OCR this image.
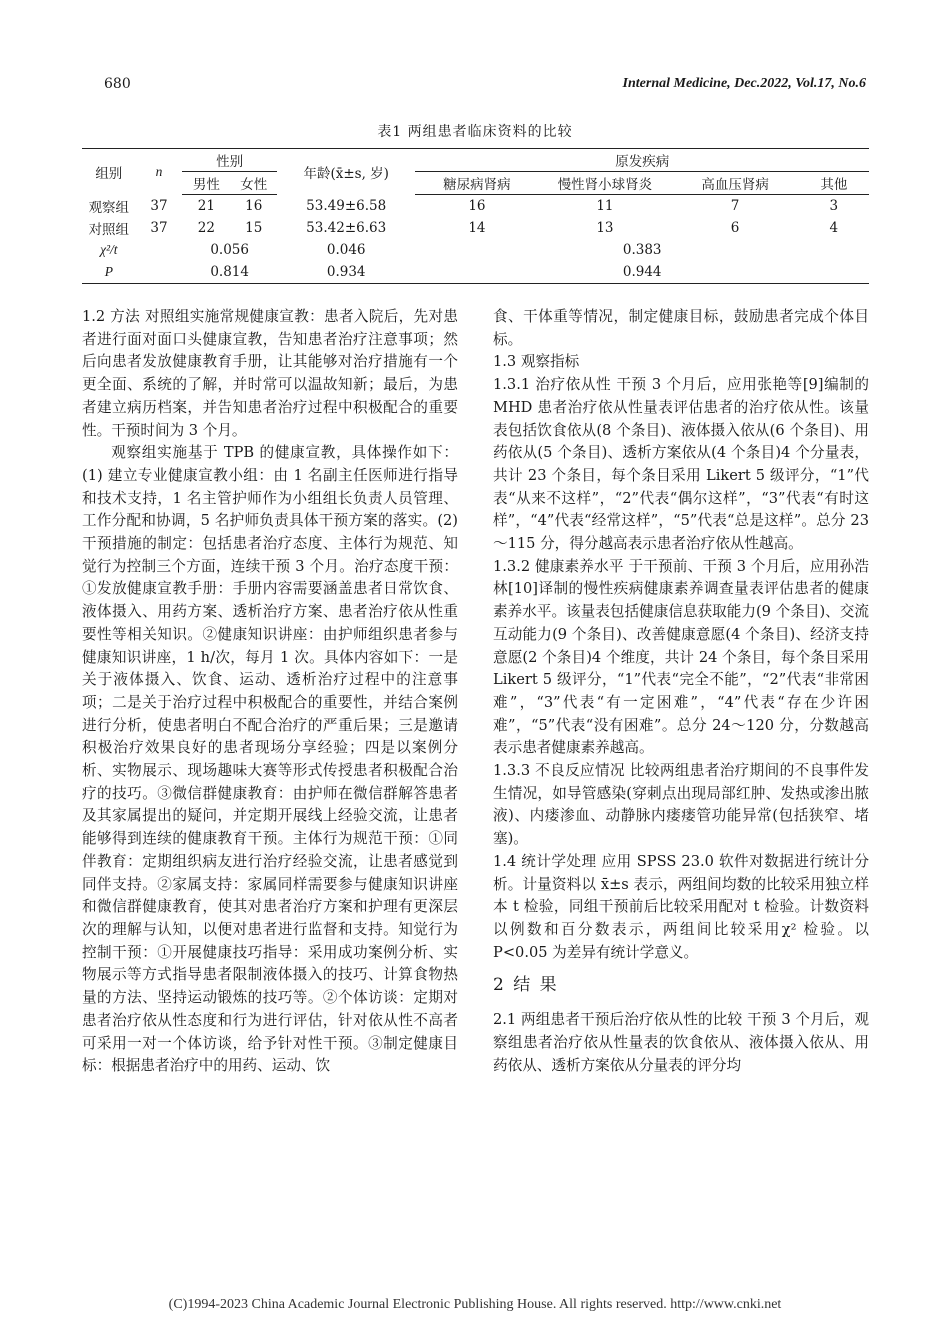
680	Internal Medicine, Dec.2022, Vol.17, No.6
表1 两组患者临床资料的比较
组别	n	性别		年龄(x̄±s, 岁)	原发疾病			
		男性	女性		糖尿病肾病	慢性肾小球肾炎	高血压肾病	其他
观察组	37	21	16	53.49±6.58	16	11	7	3
对照组	37	22	15	53.42±6.63	14	13	6	4
χ²/t		0.056		0.046	0.383			
P		0.814		0.934	0.944			

1.2 方法 对照组实施常规健康宣教：患者入院后，先对患者进行面对面口头健康宣教，告知患者治疗注意事项；然后向患者发放健康教育手册，让其能够对治疗措施有一个更全面、系统的了解，并时常可以温故知新；最后，为患者建立病历档案，并告知患者治疗过程中积极配合的重要性。干预时间为 3 个月。

观察组实施基于 TPB 的健康宣教，具体操作如下：(1) 建立专业健康宣教小组：由 1 名副主任医师进行指导和技术支持，1 名主管护师作为小组组长负责人员管理、工作分配和协调，5 名护师负责具体干预方案的落实。(2) 干预措施的制定：包括患者治疗态度、主体行为规范、知觉行为控制三个方面，连续干预 3 个月。治疗态度干预：①发放健康宣教手册：手册内容需要涵盖患者日常饮食、液体摄入、用药方案、透析治疗方案、患者治疗依从性重要性等相关知识。②健康知识讲座：由护师组织患者参与健康知识讲座，1 h/次，每月 1 次。具体内容如下：一是关于液体摄入、饮食、运动、透析治疗过程中的注意事项；二是关于治疗过程中积极配合的重要性，并结合案例进行分析，使患者明白不配合治疗的严重后果；三是邀请积极治疗效果良好的患者现场分享经验；四是以案例分析、实物展示、现场趣味大赛等形式传授患者积极配合治疗的技巧。③微信群健康教育：由护师在微信群解答患者及其家属提出的疑问，并定期开展线上经验交流，让患者能够得到连续的健康教育干预。主体行为规范干预：①同伴教育：定期组织病友进行治疗经验交流，让患者感觉到同伴支持。②家属支持：家属同样需要参与健康知识讲座和微信群健康教育，使其对患者治疗方案和护理有更深层次的理解与认知，以便对患者进行监督和支持。知觉行为控制干预：①开展健康技巧指导：采用成功案例分析、实物展示等方式指导患者限制液体摄入的技巧、计算食物热量的方法、坚持运动锻炼的技巧等。②个体访谈：定期对患者治疗依从性态度和行为进行评估，针对依从性不高者可采用一对一个体访谈，给予针对性干预。③制定健康目标：根据患者治疗中的用药、运动、饮

食、干体重等情况，制定健康目标，鼓励患者完成个体目标。

1.3 观察指标

1.3.1 治疗依从性 干预 3 个月后，应用张艳等[9]编制的 MHD 患者治疗依从性量表评估患者的治疗依从性。该量表包括饮食依从(8 个条目)、液体摄入依从(6 个条目)、用药依从(5 个条目)、透析方案依从(4 个条目)4 个分量表，共计 23 个条目，每个条目采用 Likert 5 级评分，“1”代表“从来不这样”，“2”代表“偶尔这样”，“3”代表“有时这样”，“4”代表“经常这样”，“5”代表“总是这样”。总分 23～115 分，得分越高表示患者治疗依从性越高。

1.3.2 健康素养水平 于干预前、干预 3 个月后，应用孙浩林[10]译制的慢性疾病健康素养调查量表评估患者的健康素养水平。该量表包括健康信息获取能力(9 个条目)、交流互动能力(9 个条目)、改善健康意愿(4 个条目)、经济支持意愿(2 个条目)4 个维度，共计 24 个条目，每个条目采用 Likert 5 级评分，“1”代表“完全不能”，“2”代表“非常困难”，“3”代表“有一定困难”，“4”代表“存在少许困难”，“5”代表“没有困难”。总分 24～120 分，分数越高表示患者健康素养越高。

1.3.3 不良反应情况 比较两组患者治疗期间的不良事件发生情况，如导管感染(穿刺点出现局部红肿、发热或渗出脓液)、内瘘渗血、动静脉内瘘瘘管功能异常(包括狭窄、堵塞)。

1.4 统计学处理 应用 SPSS 23.0 软件对数据进行统计分析。计量资料以 x̄±s 表示，两组间均数的比较采用独立样本 t 检验，同组干预前后比较采用配对 t 检验。计数资料以例数和百分数表示，两组间比较采用χ² 检验。以 P<0.05 为差异有统计学意义。

2 结 果

2.1 两组患者干预后治疗依从性的比较 干预 3 个月后，观察组患者治疗依从性量表的饮食依从、液体摄入依从、用药依从、透析方案依从分量表的评分均

(C)1994-2023 China Academic Journal Electronic Publishing House. All rights reserved. http://www.cnki.net
